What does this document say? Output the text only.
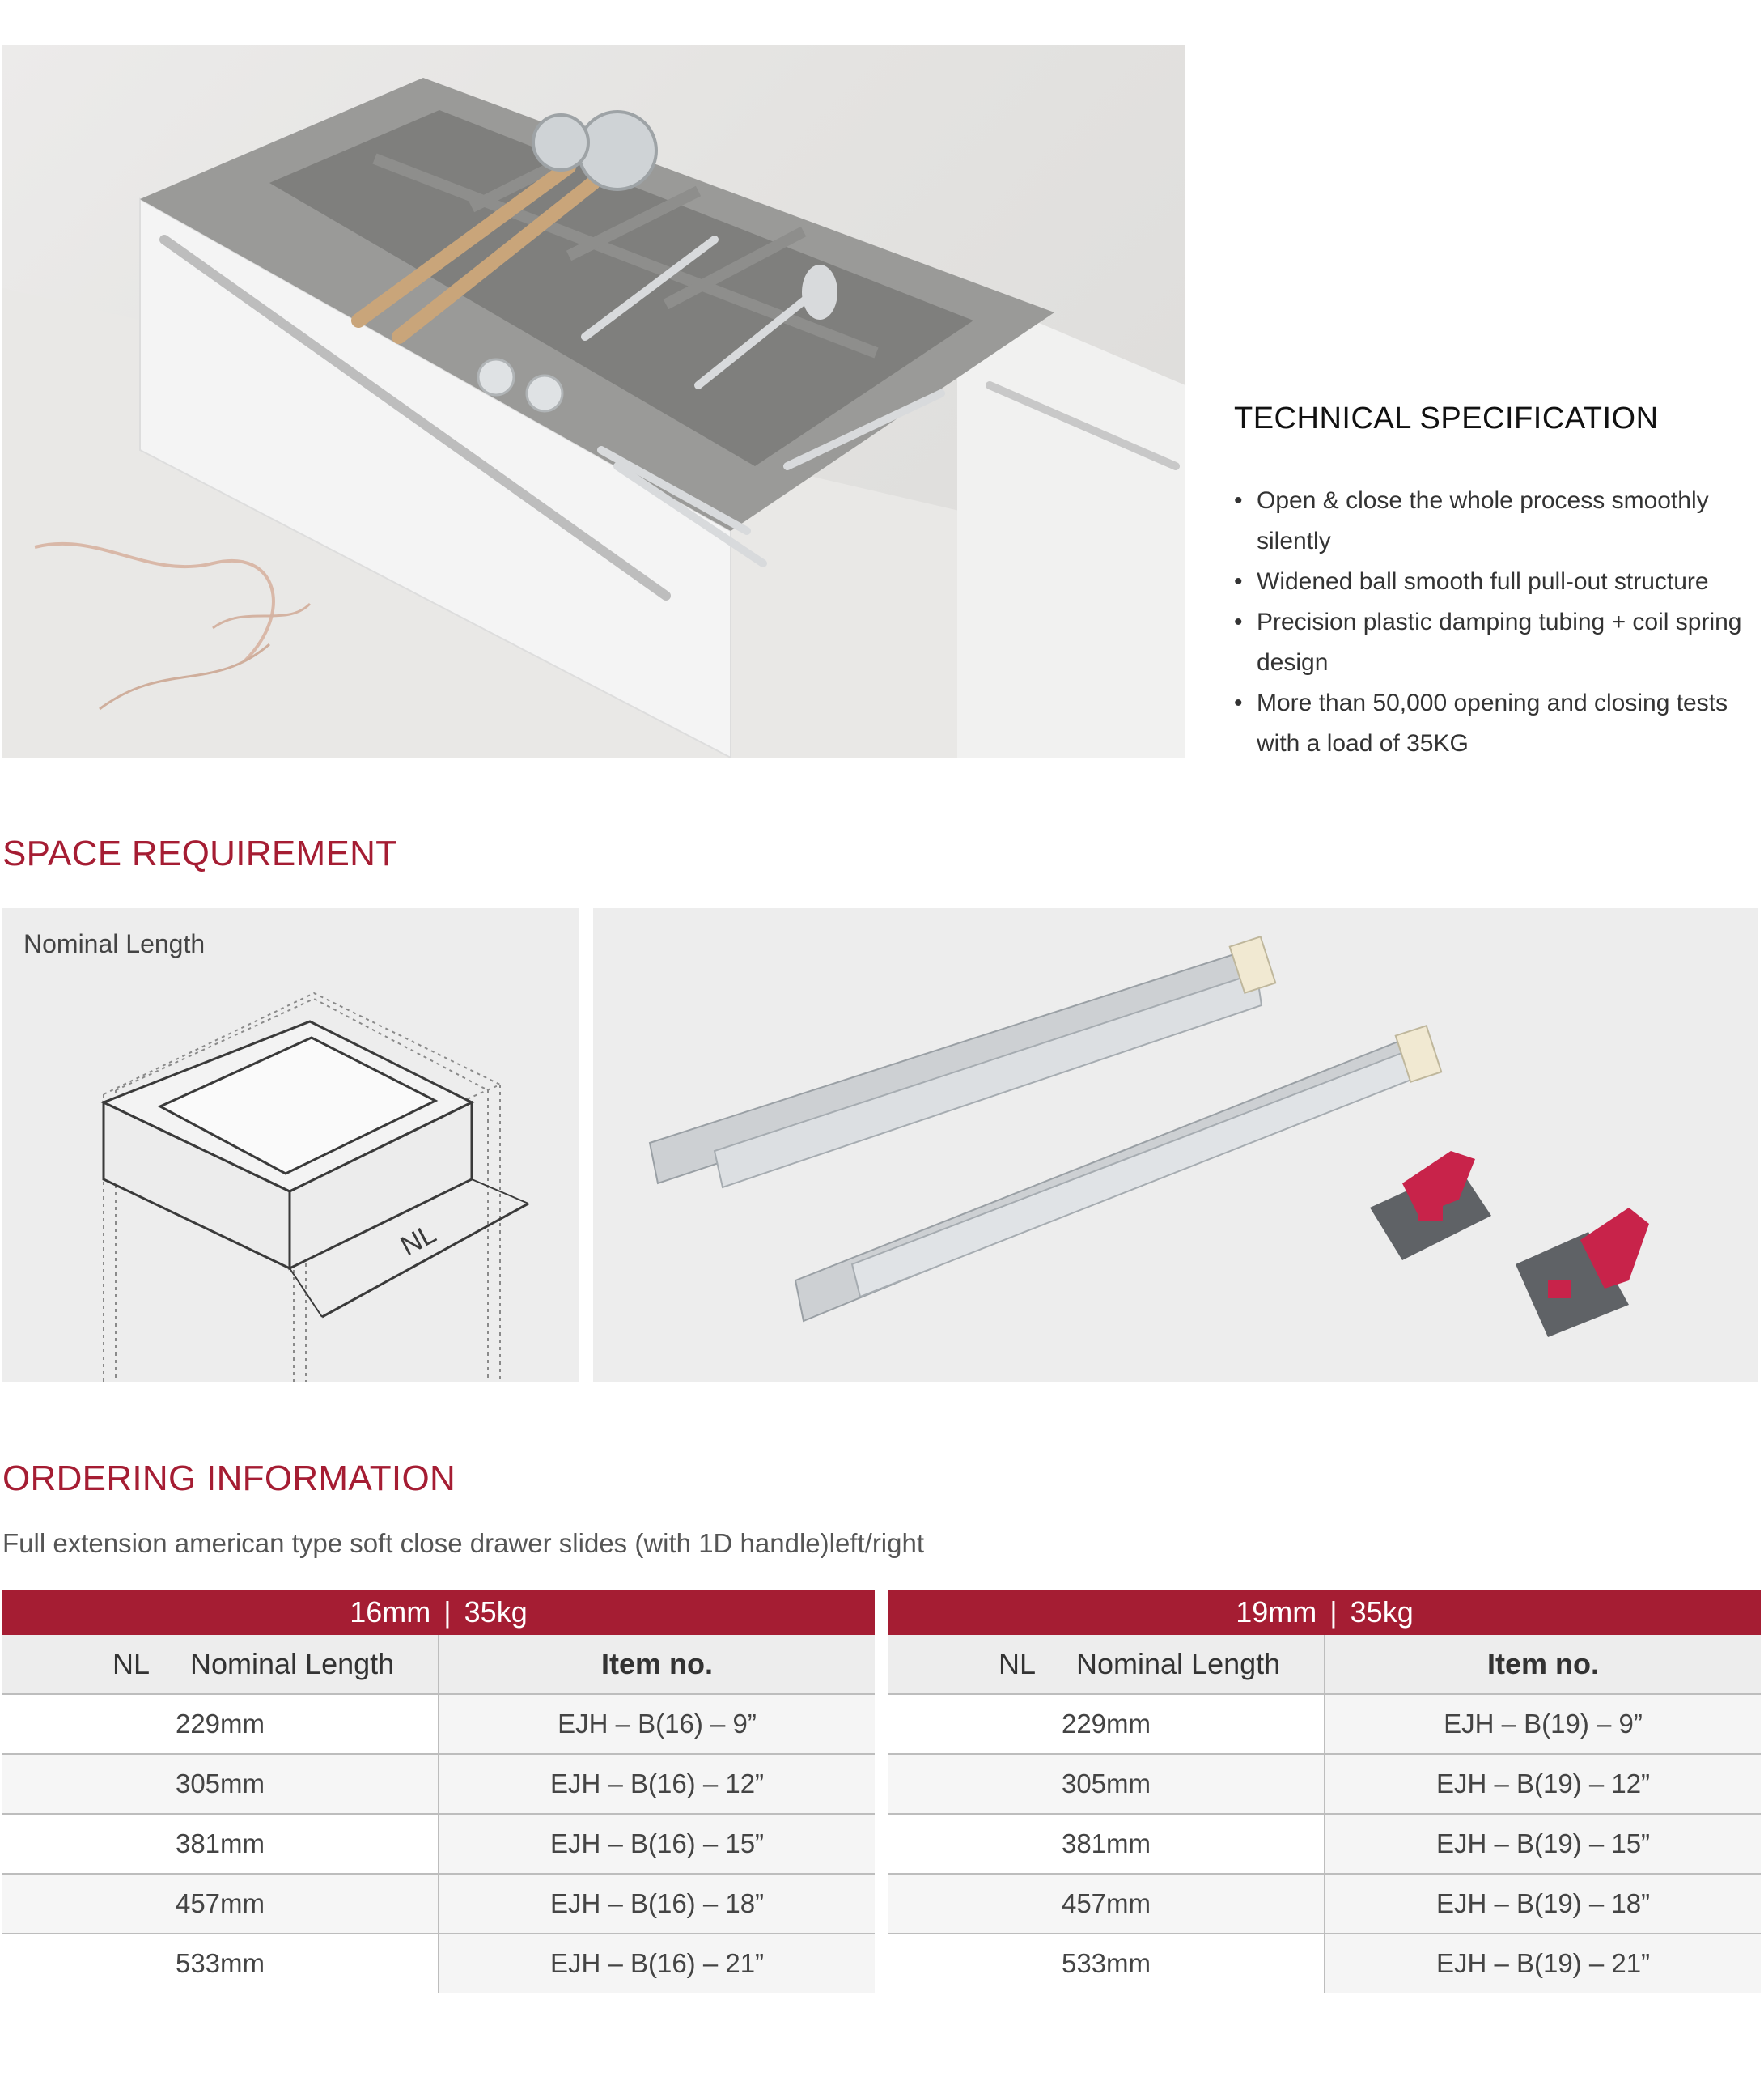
TECHNICAL SPECIFICATION
• Open & close the whole process smoothly silently
• Widened ball smooth full pull-out structure
• Precision plastic damping tubing + coil spring design
• More than 50,000 opening and closing tests with a load of 35KG
SPACE REQUIREMENT
NL
Nominal Length
ORDERING INFORMATION
Full extension american type soft close drawer slides (with 1D handle)left/right
16mm | 35kg	
NL Nominal Length	Item no.
229mm	EJH – B(16) – 9”
305mm	EJH – B(16) – 12”
381mm	EJH – B(16) – 15”
457mm	EJH – B(16) – 18”
533mm	EJH – B(16) – 21”
19mm | 35kg	
NL Nominal Length	Item no.
229mm	EJH – B(19) – 9”
305mm	EJH – B(19) – 12”
381mm	EJH – B(19) – 15”
457mm	EJH – B(19) – 18”
533mm	EJH – B(19) – 21”
